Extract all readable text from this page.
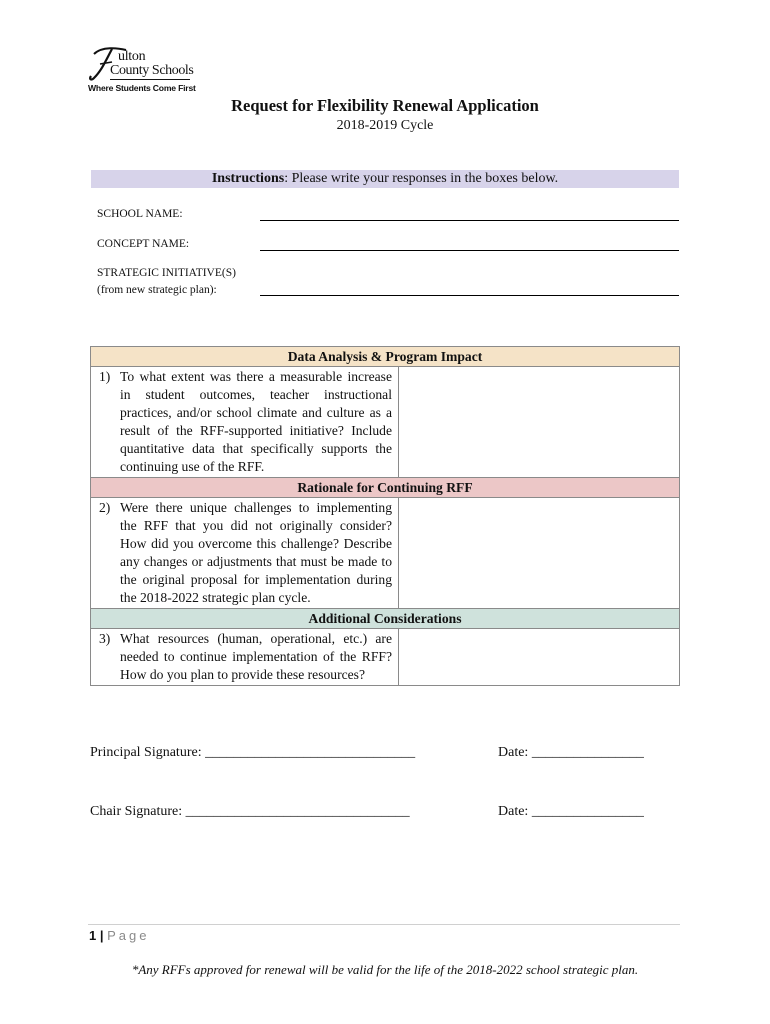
ulton
County Schools
Where Students Come First
Request for Flexibility Renewal Application
2018-2019 Cycle
Instructions: Please write your responses in the boxes below.
SCHOOL NAME:
CONCEPT NAME:
STRATEGIC INITIATIVE(S)
(from new strategic plan):
Data Analysis & Program Impact	

1) To what extent was there a measurable increase in student outcomes, teacher instructional practices, and/or school climate and culture as a result of the RFF-supported initiative? Include quantitative data that specifically supports the continuing use of the RFF.	

Rationale for Continuing RFF	

2) Were there unique challenges to implementing the RFF that you did not originally consider? How did you overcome this challenge? Describe any changes or adjustments that must be made to the original proposal for implementation during the 2018-2022 strategic plan cycle.	

Additional Considerations	

3) What resources (human, operational, etc.) are needed to continue implementation of the RFF? How do you plan to provide these resources?	

Principal Signature: ______________________________	Date: ________________
Chair Signature: ________________________________	Date: ________________
1 | Page
*Any RFFs approved for renewal will be valid for the life of the 2018-2022 school strategic plan.
